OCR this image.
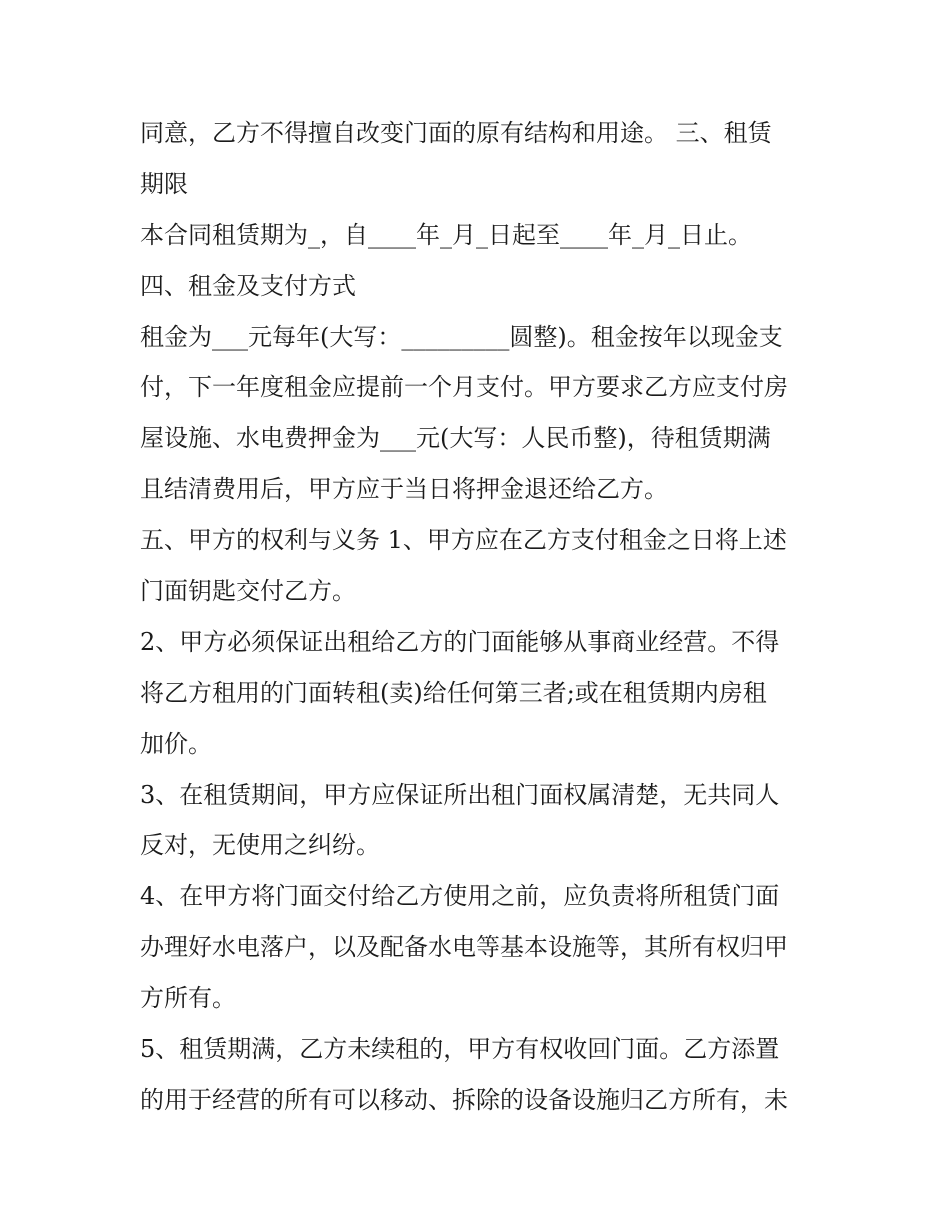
同意，乙方不得擅自改变门面的原有结构和用途。 三、租赁
期限
本合同租赁期为_，自____年_月_日起至____年_月_日止。
四、租金及支付方式
租金为___元每年(大写：_________圆整)。租金按年以现金支
付，下一年度租金应提前一个月支付。甲方要求乙方应支付房
屋设施、水电费押金为___元(大写：人民币整)，待租赁期满
且结清费用后，甲方应于当日将押金退还给乙方。
五、甲方的权利与义务 1、甲方应在乙方支付租金之日将上述
门面钥匙交付乙方。
2、甲方必须保证出租给乙方的门面能够从事商业经营。不得
将乙方租用的门面转租(卖)给任何第三者;或在租赁期内房租
加价。
3、在租赁期间，甲方应保证所出租门面权属清楚，无共同人
反对，无使用之纠纷。
4、在甲方将门面交付给乙方使用之前，应负责将所租赁门面
办理好水电落户，以及配备水电等基本设施等，其所有权归甲
方所有。
5、租赁期满，乙方未续租的，甲方有权收回门面。乙方添置
的用于经营的所有可以移动、拆除的设备设施归乙方所有，未
